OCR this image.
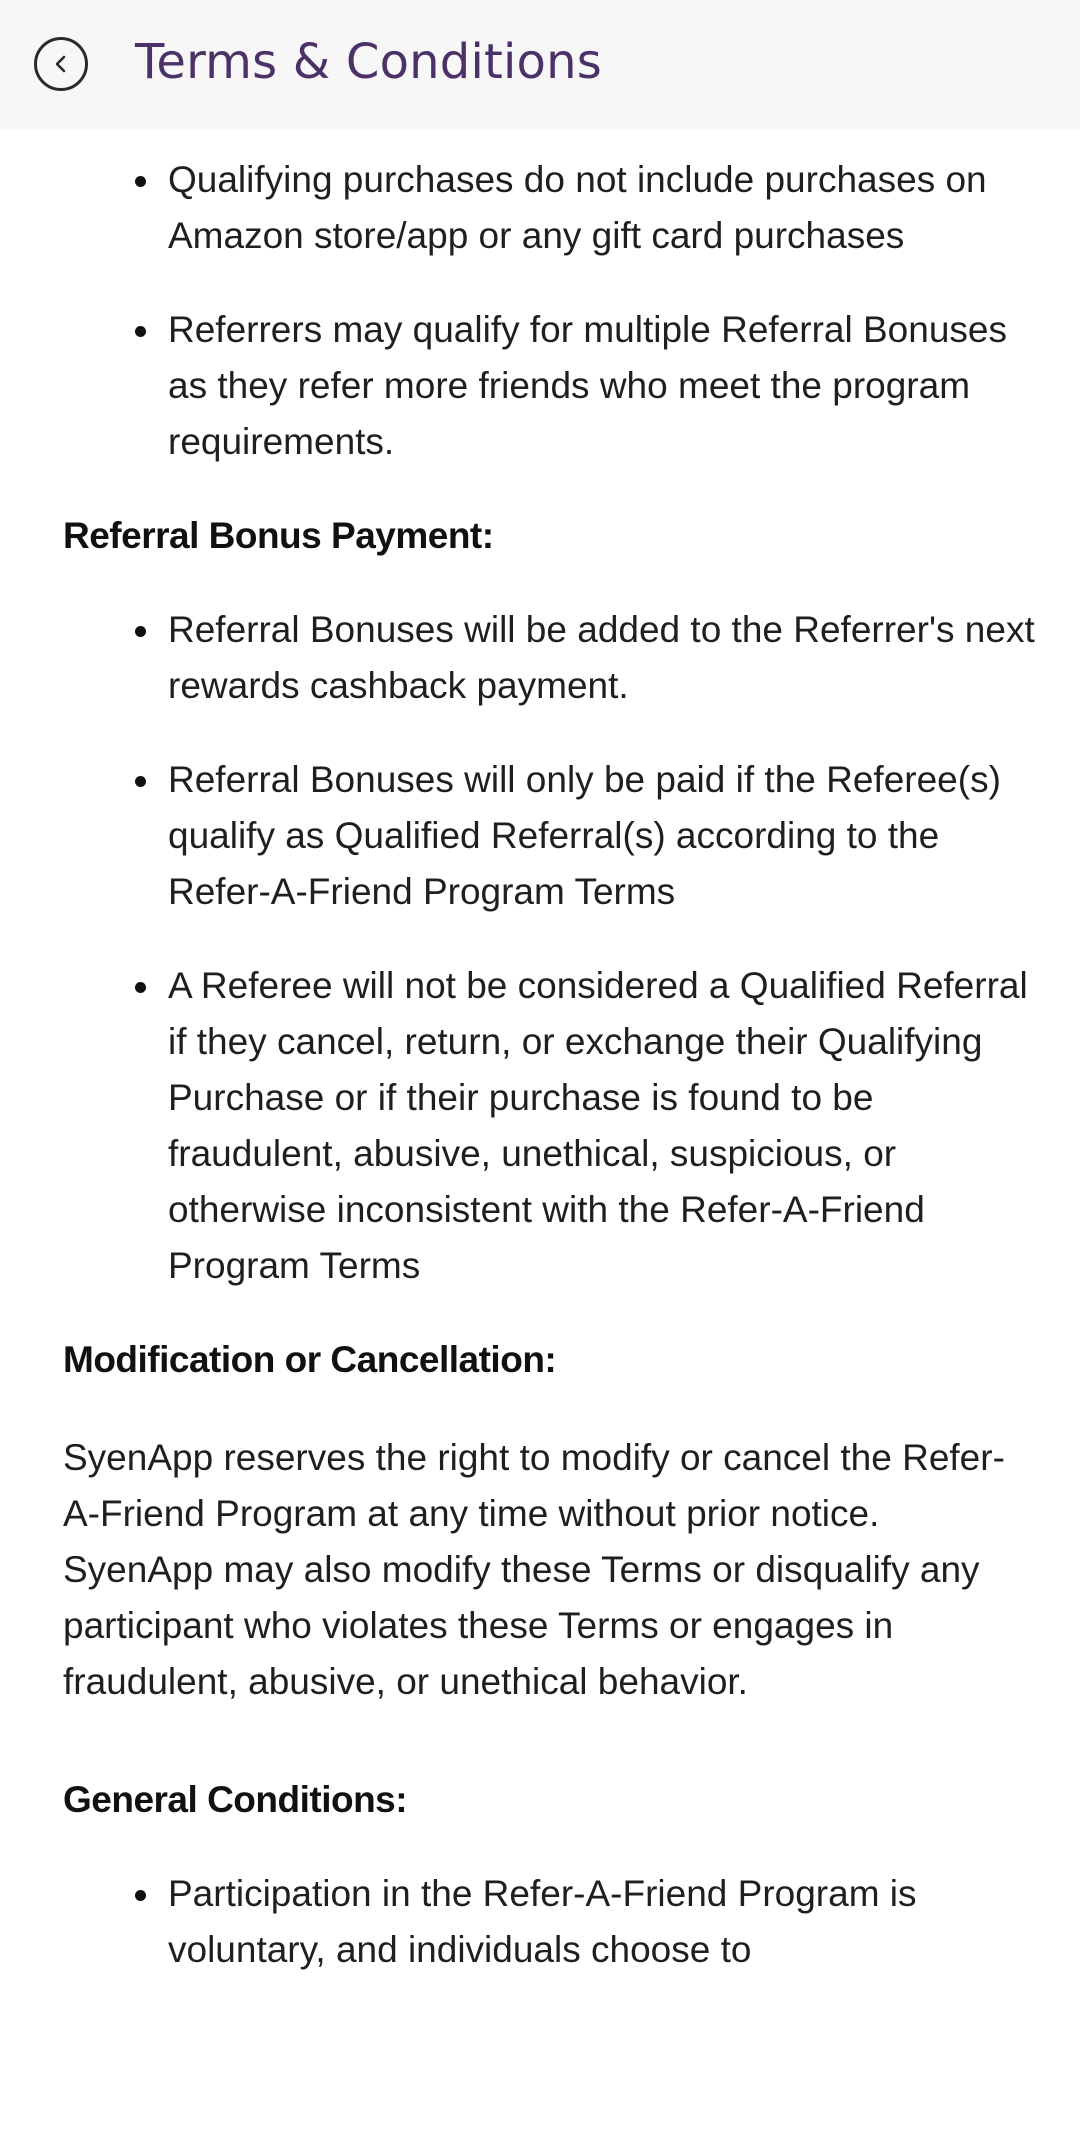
Terms & Conditions
Qualifying purchases do not include purchases on Amazon store/app or any gift card purchases
Referrers may qualify for multiple Referral Bonuses as they refer more friends who meet the program requirements.
Referral Bonus Payment:
Referral Bonuses will be added to the Referrer's next rewards cashback payment.
Referral Bonuses will only be paid if the Referee(s) qualify as Qualified Referral(s) according to the Refer-A-Friend Program Terms
A Referee will not be considered a Qualified Referral if they cancel, return, or exchange their Qualifying Purchase or if their purchase is found to be fraudulent, abusive, unethical, suspicious, or otherwise inconsistent with the Refer-A-Friend Program Terms
Modification or Cancellation:

SyenApp reserves the right to modify or cancel the Refer-A-Friend Program at any time without prior notice. SyenApp may also modify these Terms or disqualify any participant who violates these Terms or engages in fraudulent, abusive, or unethical behavior.

General Conditions:
Participation in the Refer-A-Friend Program is voluntary, and individuals choose to
